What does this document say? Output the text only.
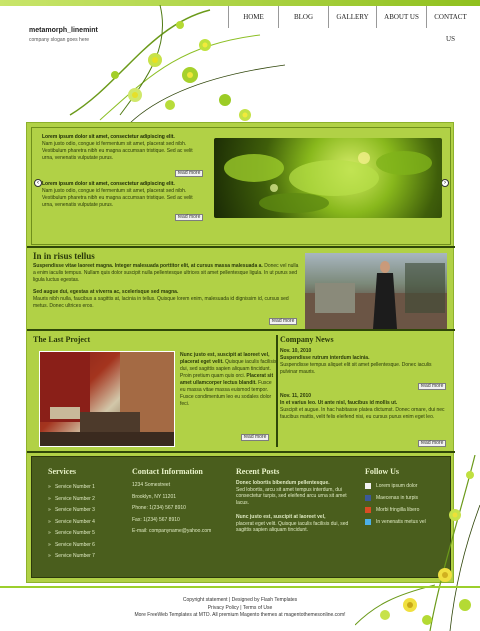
metamorph_linemint
company slogan goes here
HOME	BLOG	GALLERY	ABOUT US	CONTACT US
Lorem ipsum dolor sit amet, consectetur adipiscing elit.
Nam justo odio, congue id fermentum sit amet, placerat sed nibh. Vestibulum pharetra nibh eu magna accumsan tristique. Sed ac velit urna, venenatis vulputate purus.
read more
Lorem ipsum dolor sit amet, consectetur adipiscing elit.
Nam justo odio, congue id fermentum sit amet, placerat sed nibh. Vestibulum pharetra nibh eu magna accumsan tristique. Sed ac velit urna, venenatis vulputate purus.
read more
‹	›
In in risus tellus
Suspendisse vitae laoreet magna. Integer malesuada porttitor elit, at cursus massa malesuada a. Donec vel nulla a enim iaculis tempus. Nullam quis dolor suscipit nulla pellentesque ultrices sit amet pellentesque ligula. In ut purus sed ligula luctus egestas.
Sed augue dui, egestas at viverra ac, scelerisque sed magna.
Mauris nibh nulla, faucibus a sagittis at, lacinia in tellus. Quisque lorem enim, malesuada id dignissim id, cursus sed metus. Donec ultrices eros.
read more
The Last Project
Nunc justo est, suscipit at laoreet vel, placerat eget velit. Quisque iaculis facilisis dui, sed sagittis sapien aliquam tincidunt. Proin pretium quam quis orci. Placerat sit amet ullamcorper lectus blandit. Fusce eu massa vitae massa euismod tempor. Fusce condimentum leo eu sodales dolor feci.
read more
Company News
Nov. 10, 2010
Suspendisse rutrum interdum lacinia.
Suspendisse tempus aliquet elit sit amet pellentesque. Donec iaculis pulvinar mauris.
read more
Nov. 11, 2010
In et varius leo. Ut ante nisl, faucibus id mollis ut.
Suscipit et augue. In hac habitasse platea dictumst. Donec ornare, dui nec faucibus mattis, velit felis eleifend nisi, eu cursus purus enim eget leo.
read more
Services
»   Service Number 1
»   Service Number 2
»   Service Number 3
»   Service Number 4
»   Service Number 5
»   Service Number 6
»   Service Number 7
Contact Information
1234 Somestreet
Brooklyn, NY 11201
Phone: 1(234) 567 8910
Fax: 1(234) 567 8910
E-mail: companyname@yahoo.com
Recent Posts
Donec lobortis bibendum pellentesque.
Sed lobortis, arcu sit amet tempus interdum, dui consectetur turpis, sed eleifend arcu urna sit amet lacus.
Nunc justo est, suscipit at laoreet vel,
placerat eget velit. Quisque iaculis facilisis dui, sed sagittis sapien aliquam tincidunt.
Follow Us
Lorem ipsum dolor
Maecenas in turpis
Morbi fringilla libero
In venenatis metus vel
Copyright statement | Designed by Flash Templates
Privacy Policy | Terms of Use
More FreeWeb Templates at MTD. All premium Magento themes at magentothemesonline.com!
